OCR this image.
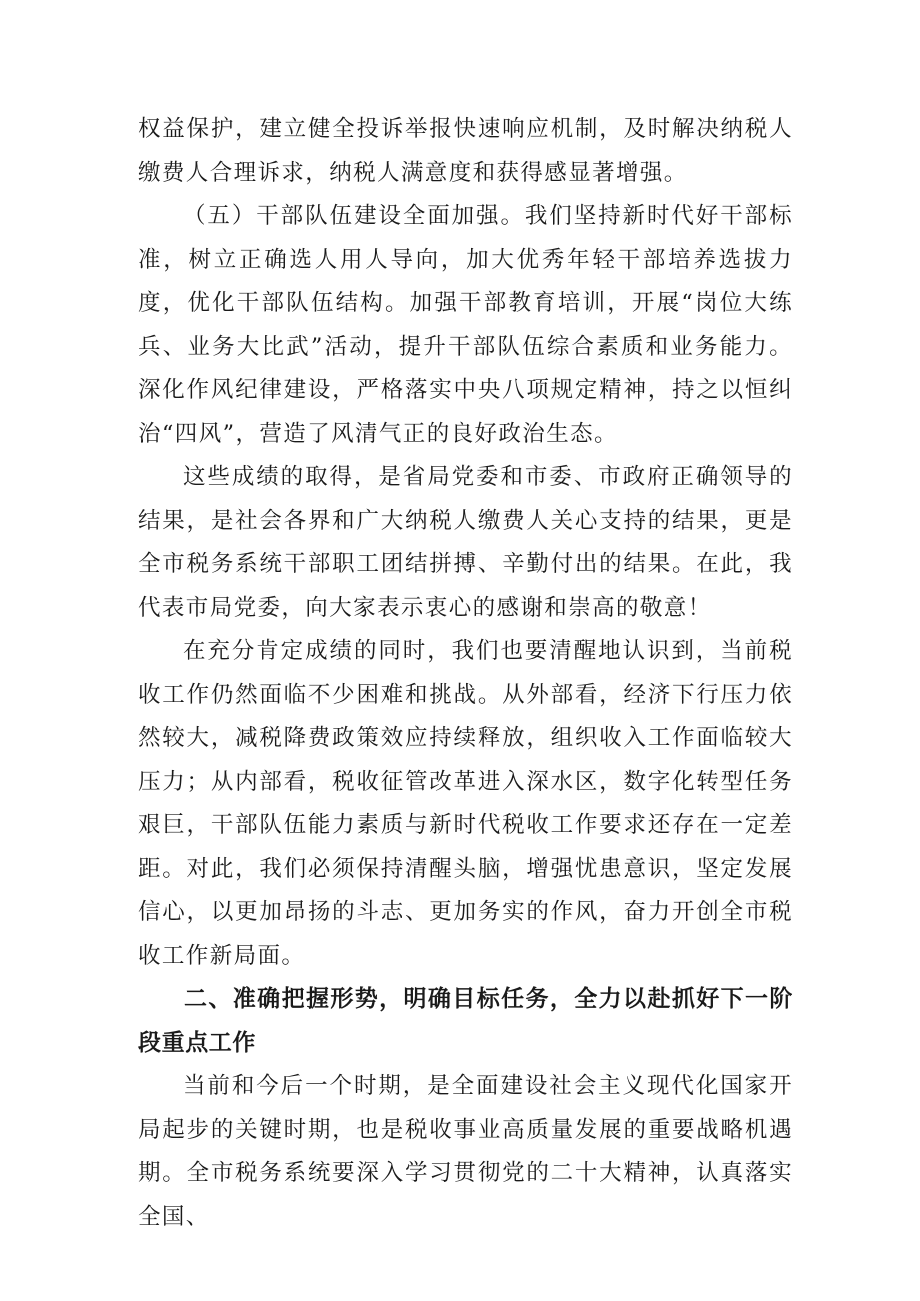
权益保护，建立健全投诉举报快速响应机制，及时解决纳税人缴费人合理诉求，纳税人满意度和获得感显著增强。

（五）干部队伍建设全面加强。我们坚持新时代好干部标准，树立正确选人用人导向，加大优秀年轻干部培养选拔力度，优化干部队伍结构。加强干部教育培训，开展“岗位大练兵、业务大比武”活动，提升干部队伍综合素质和业务能力。深化作风纪律建设，严格落实中央八项规定精神，持之以恒纠治“四风”，营造了风清气正的良好政治生态。

这些成绩的取得，是省局党委和市委、市政府正确领导的结果，是社会各界和广大纳税人缴费人关心支持的结果，更是全市税务系统干部职工团结拼搏、辛勤付出的结果。在此，我代表市局党委，向大家表示衷心的感谢和崇高的敬意！

在充分肯定成绩的同时，我们也要清醒地认识到，当前税收工作仍然面临不少困难和挑战。从外部看，经济下行压力依然较大，减税降费政策效应持续释放，组织收入工作面临较大压力；从内部看，税收征管改革进入深水区，数字化转型任务艰巨，干部队伍能力素质与新时代税收工作要求还存在一定差距。对此，我们必须保持清醒头脑，增强忧患意识，坚定发展信心，以更加昂扬的斗志、更加务实的作风，奋力开创全市税收工作新局面。

二、准确把握形势，明确目标任务，全力以赴抓好下一阶段重点工作

当前和今后一个时期，是全面建设社会主义现代化国家开局起步的关键时期，也是税收事业高质量发展的重要战略机遇期。全市税务系统要深入学习贯彻党的二十大精神，认真落实全国、
